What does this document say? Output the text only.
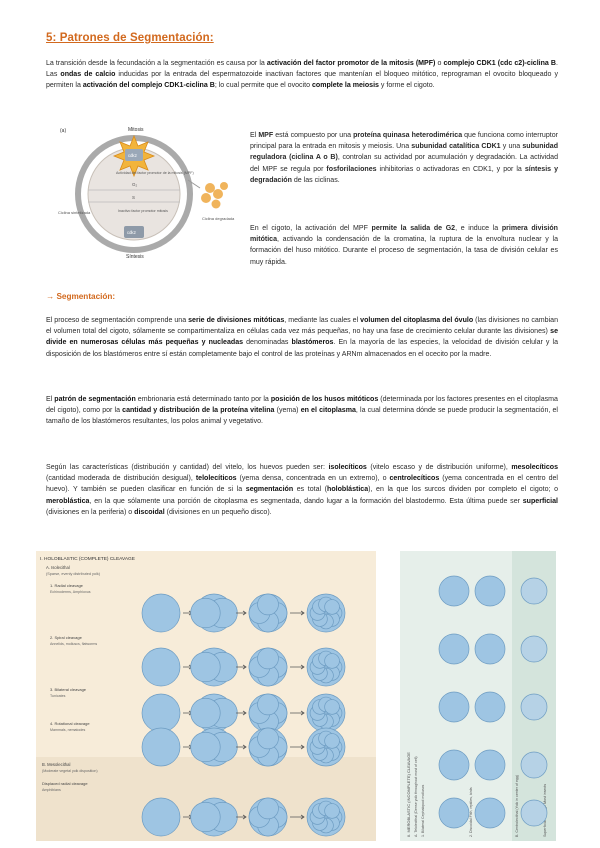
5: Patrones de Segmentación:
La transición desde la fecundación a la segmentación es causa por la activación del factor promotor de la mitosis (MPF) o complejo CDK1 (cdc c2)-ciclina B. Las ondas de calcio inducidas por la entrada del espermatozoide inactivan factores que mantenían el bloqueo mitótico, reprograman el ovocito bloqueado y permiten la activación del complejo CDK1-ciclina B; lo cual permite que el ovocito complete la meiosis y forme el cigoto.
(a)	Mitosis
cdk2
Actividad del factor promotor de la mitosis (MPF)
G₂
S
Inactivo factor promotor mitosis
cdk2
Síntesis
Ciclina sintetizada
Ciclina degradada
El MPF está compuesto por una proteína quinasa heterodimérica que funciona como interruptor principal para la entrada en mitosis y meiosis. Una subunidad catalítica CDK1 y una subunidad reguladora (ciclina A o B), controlan su actividad por acumulación y degradación. La actividad del MPF se regula por fosforilaciones inhibitorias o activadoras en CDK1, y por la síntesis y degradación de las ciclinas.
En el cigoto, la activación del MPF permite la salida de G2, e induce la primera división mitótica, activando la condensación de la cromatina, la ruptura de la envoltura nuclear y la formación del huso mitótico. Durante el proceso de segmentación, la tasa de división celular es muy rápida.
→ Segmentación:
El proceso de segmentación comprende una serie de divisiones mitóticas, mediante las cuales el volumen del citoplasma del óvulo (las divisiones no cambian el volumen total del cigoto, sólamente se compartimentaliza en células cada vez más pequeñas, no hay una fase de crecimiento celular durante las divisiones) se divide en numerosas células más pequeñas y nucleadas denominadas blastómeros. En la mayoría de las especies, la velocidad de división celular y la disposición de los blastómeros entre sí están completamente bajo el control de las proteínas y ARNm almacenados en el ocecito por la madre.
El patrón de segmentación embrionaria está determinado tanto por la posición de los husos mitóticos (determinada por los factores presentes en el citoplasma del cigoto), como por la cantidad y distribución de la proteína vitelina (yema) en el citoplasma, la cual determina dónde se puede producir la segmentación, el tamaño de los blastómeros resultantes, los polos animal y vegetativo.
Según las características (distribución y cantidad) del vitelo, los huevos pueden ser: isolecíticos (vitelo escaso y de distribución uniforme), mesolecíticos (cantidad moderada de distribución desigual), telolecíticos (yema densa, concentrada en un extremo), o centrolecíticos (yema concentrada en el centro del huevo). Y también se pueden clasificar en función de si la segmentación es total (holoblástica), en la que los surcos dividen por completo el cigoto; o meroblástica, en la que sólamente una porción de citoplasma es segmentada, dando lugar a la formación del blastodermo. Esta última puede ser superficial (divisiones en la periferia) o discoidal (divisiones en un pequeño disco).
I. HOLOBLASTIC (COMPLETE) CLEAVAGE
A. Isolecithal
(Sparse, evenly distributed yolk)
1. Radial cleavage
Echinoderms, Amphioxus
2. Spiral cleavage
Annelids, molluscs, flatworms
3. Bilateral cleavage
Tunicates
4. Rotational cleavage
Mammals, nematodes
B. Mesolecithal
(Moderate vegetal yolk disposition)
Displaced radial cleavage
Amphibians	II. MEROBLASTIC (INCOMPLETE) CLEAVAGE A. Telolecithal (Dense yolk throughout most of cell) 1. Bilateral Cephalopod molluscs	2. Discoidal Fish, reptiles, birds	B. Centrolecithal (Yolk in center of egg)
